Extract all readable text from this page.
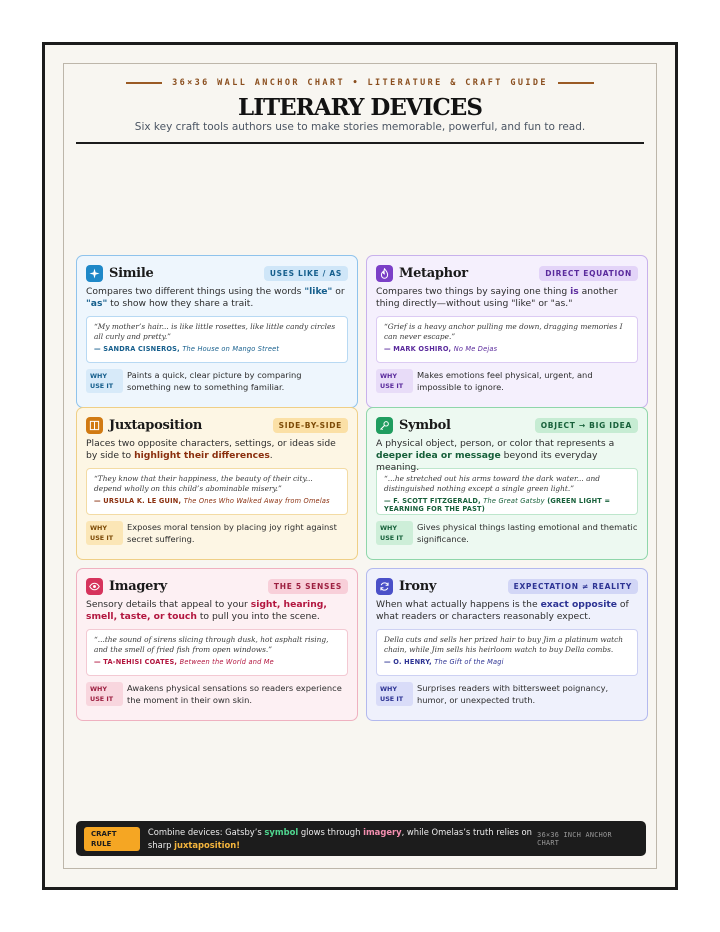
36×36 WALL ANCHOR CHART • LITERATURE & CRAFT GUIDE
LITERARY DEVICES
Six key craft tools authors use to make stories memorable, powerful, and fun to read.
Simile	USES LIKE / AS
Compares two different things using the words "like" or "as" to show how they share a trait.
“My mother’s hair... is like little rosettes, like little candy circles all curly and pretty.”
— SANDRA CISNEROS, The House on Mango Street
WHY USE IT
Paints a quick, clear picture by comparing something new to something familiar.
Metaphor	DIRECT EQUATION
Compares two things by saying one thing is another thing directly—without using "like" or "as."
“Grief is a heavy anchor pulling me down, dragging memories I can never escape.”
— MARK OSHIRO, No Me Dejas
WHY USE IT
Makes emotions feel physical, urgent, and impossible to ignore.
Juxtaposition	SIDE-BY-SIDE
Places two opposite characters, settings, or ideas side by side to highlight their differences.
“They know that their happiness, the beauty of their city... depend wholly on this child’s abominable misery.”
— URSULA K. LE GUIN, The Ones Who Walked Away from Omelas
WHY USE IT
Exposes moral tension by placing joy right against secret suffering.
Symbol	OBJECT → BIG IDEA
A physical object, person, or color that represents a deeper idea or message beyond its everyday meaning.
“...he stretched out his arms toward the dark water... and distinguished nothing except a single green light.”
— F. SCOTT FITZGERALD, The Great Gatsby (GREEN LIGHT = YEARNING FOR THE PAST)
WHY USE IT
Gives physical things lasting emotional and thematic significance.
Imagery	THE 5 SENSES
Sensory details that appeal to your sight, hearing, smell, taste, or touch to pull you into the scene.
“...the sound of sirens slicing through dusk, hot asphalt rising, and the smell of fried fish from open windows.”
— TA-NEHISI COATES, Between the World and Me
WHY USE IT
Awakens physical sensations so readers experience the moment in their own skin.
Irony	EXPECTATION ≠ REALITY
When what actually happens is the exact opposite of what readers or characters reasonably expect.
Della cuts and sells her prized hair to buy Jim a platinum watch chain, while Jim sells his heirloom watch to buy Della combs.
— O. HENRY, The Gift of the Magi
WHY USE IT
Surprises readers with bittersweet poignancy, humor, or unexpected truth.
CRAFT RULE
Combine devices: Gatsby’s symbol glows through imagery, while Omelas’s truth relies on sharp juxtaposition!
36×36 INCH ANCHOR CHART
